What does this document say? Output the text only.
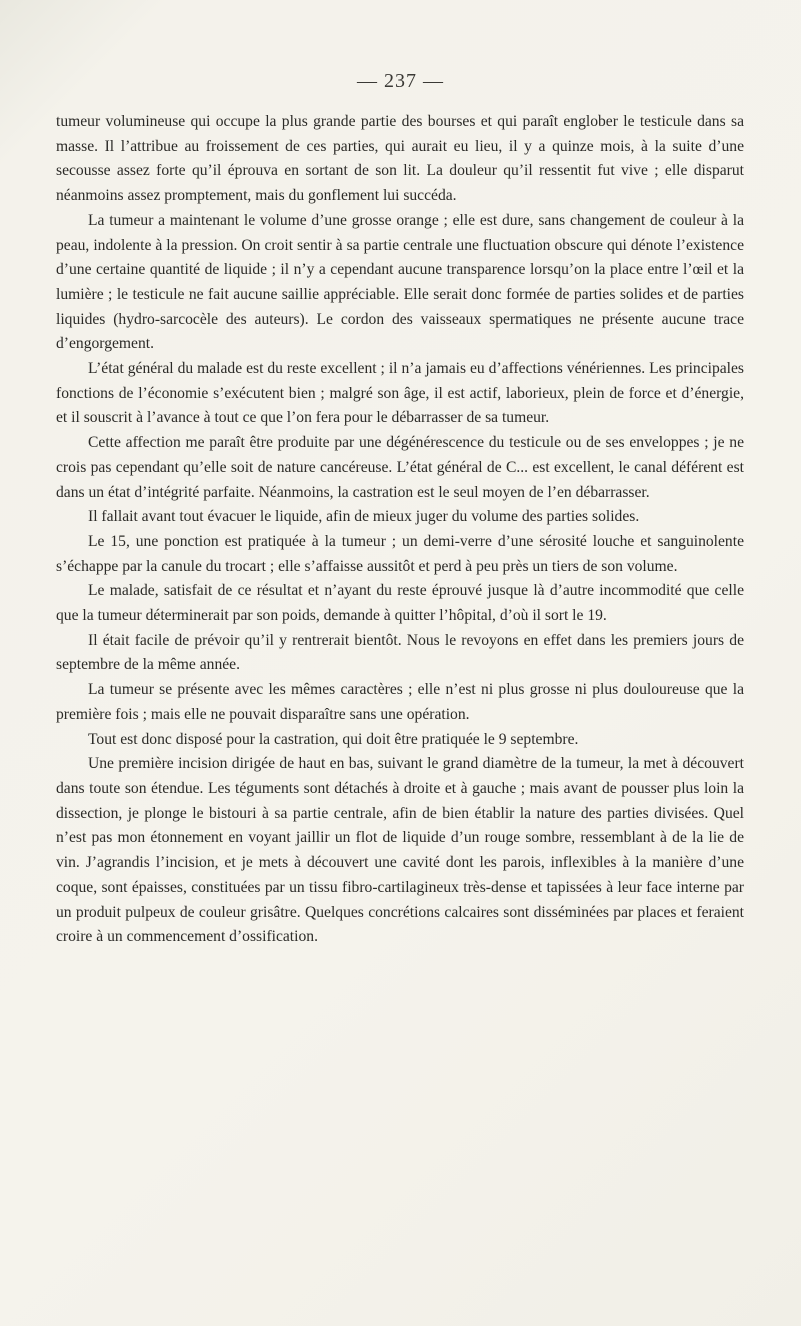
— 237 —

tumeur volumineuse qui occupe la plus grande partie des bourses et qui paraît englober le testicule dans sa masse. Il l’attribue au froissement de ces parties, qui aurait eu lieu, il y a quinze mois, à la suite d’une secousse assez forte qu’il éprouva en sortant de son lit. La douleur qu’il ressentit fut vive ; elle disparut néanmoins assez promptement, mais du gonflement lui succéda.

La tumeur a maintenant le volume d’une grosse orange ; elle est dure, sans changement de couleur à la peau, indolente à la pression. On croit sentir à sa partie centrale une fluctuation obscure qui dénote l’existence d’une certaine quantité de liquide ; il n’y a cependant aucune transparence lorsqu’on la place entre l’œil et la lumière ; le testicule ne fait aucune saillie appréciable. Elle serait donc formée de parties solides et de parties liquides (hydro-sarcocèle des auteurs). Le cordon des vaisseaux spermatiques ne présente aucune trace d’engorgement.

L’état général du malade est du reste excellent ; il n’a jamais eu d’affections vénériennes. Les principales fonctions de l’économie s’exécutent bien ; malgré son âge, il est actif, laborieux, plein de force et d’énergie, et il souscrit à l’avance à tout ce que l’on fera pour le débarrasser de sa tumeur.

Cette affection me paraît être produite par une dégénérescence du testicule ou de ses enveloppes ; je ne crois pas cependant qu’elle soit de nature cancéreuse. L’état général de C... est excellent, le canal déférent est dans un état d’intégrité parfaite. Néanmoins, la castration est le seul moyen de l’en débarrasser.

Il fallait avant tout évacuer le liquide, afin de mieux juger du volume des parties solides.

Le 15, une ponction est pratiquée à la tumeur ; un demi-verre d’une sérosité louche et sanguinolente s’échappe par la canule du trocart ; elle s’affaisse aussitôt et perd à peu près un tiers de son volume.

Le malade, satisfait de ce résultat et n’ayant du reste éprouvé jusque là d’autre incommodité que celle que la tumeur déterminerait par son poids, demande à quitter l’hôpital, d’où il sort le 19.

Il était facile de prévoir qu’il y rentrerait bientôt. Nous le revoyons en effet dans les premiers jours de septembre de la même année.

La tumeur se présente avec les mêmes caractères ; elle n’est ni plus grosse ni plus douloureuse que la première fois ; mais elle ne pouvait disparaître sans une opération.

Tout est donc disposé pour la castration, qui doit être pratiquée le 9 septembre.

Une première incision dirigée de haut en bas, suivant le grand diamètre de la tumeur, la met à découvert dans toute son étendue. Les téguments sont détachés à droite et à gauche ; mais avant de pousser plus loin la dissection, je plonge le bistouri à sa partie centrale, afin de bien établir la nature des parties divisées. Quel n’est pas mon étonnement en voyant jaillir un flot de liquide d’un rouge sombre, ressemblant à de la lie de vin. J’agrandis l’incision, et je mets à découvert une cavité dont les parois, inflexibles à la manière d’une coque, sont épaisses, constituées par un tissu fibro-cartilagineux très-dense et tapissées à leur face interne par un produit pulpeux de couleur grisâtre. Quelques concrétions calcaires sont disséminées par places et feraient croire à un commencement d’ossification.
